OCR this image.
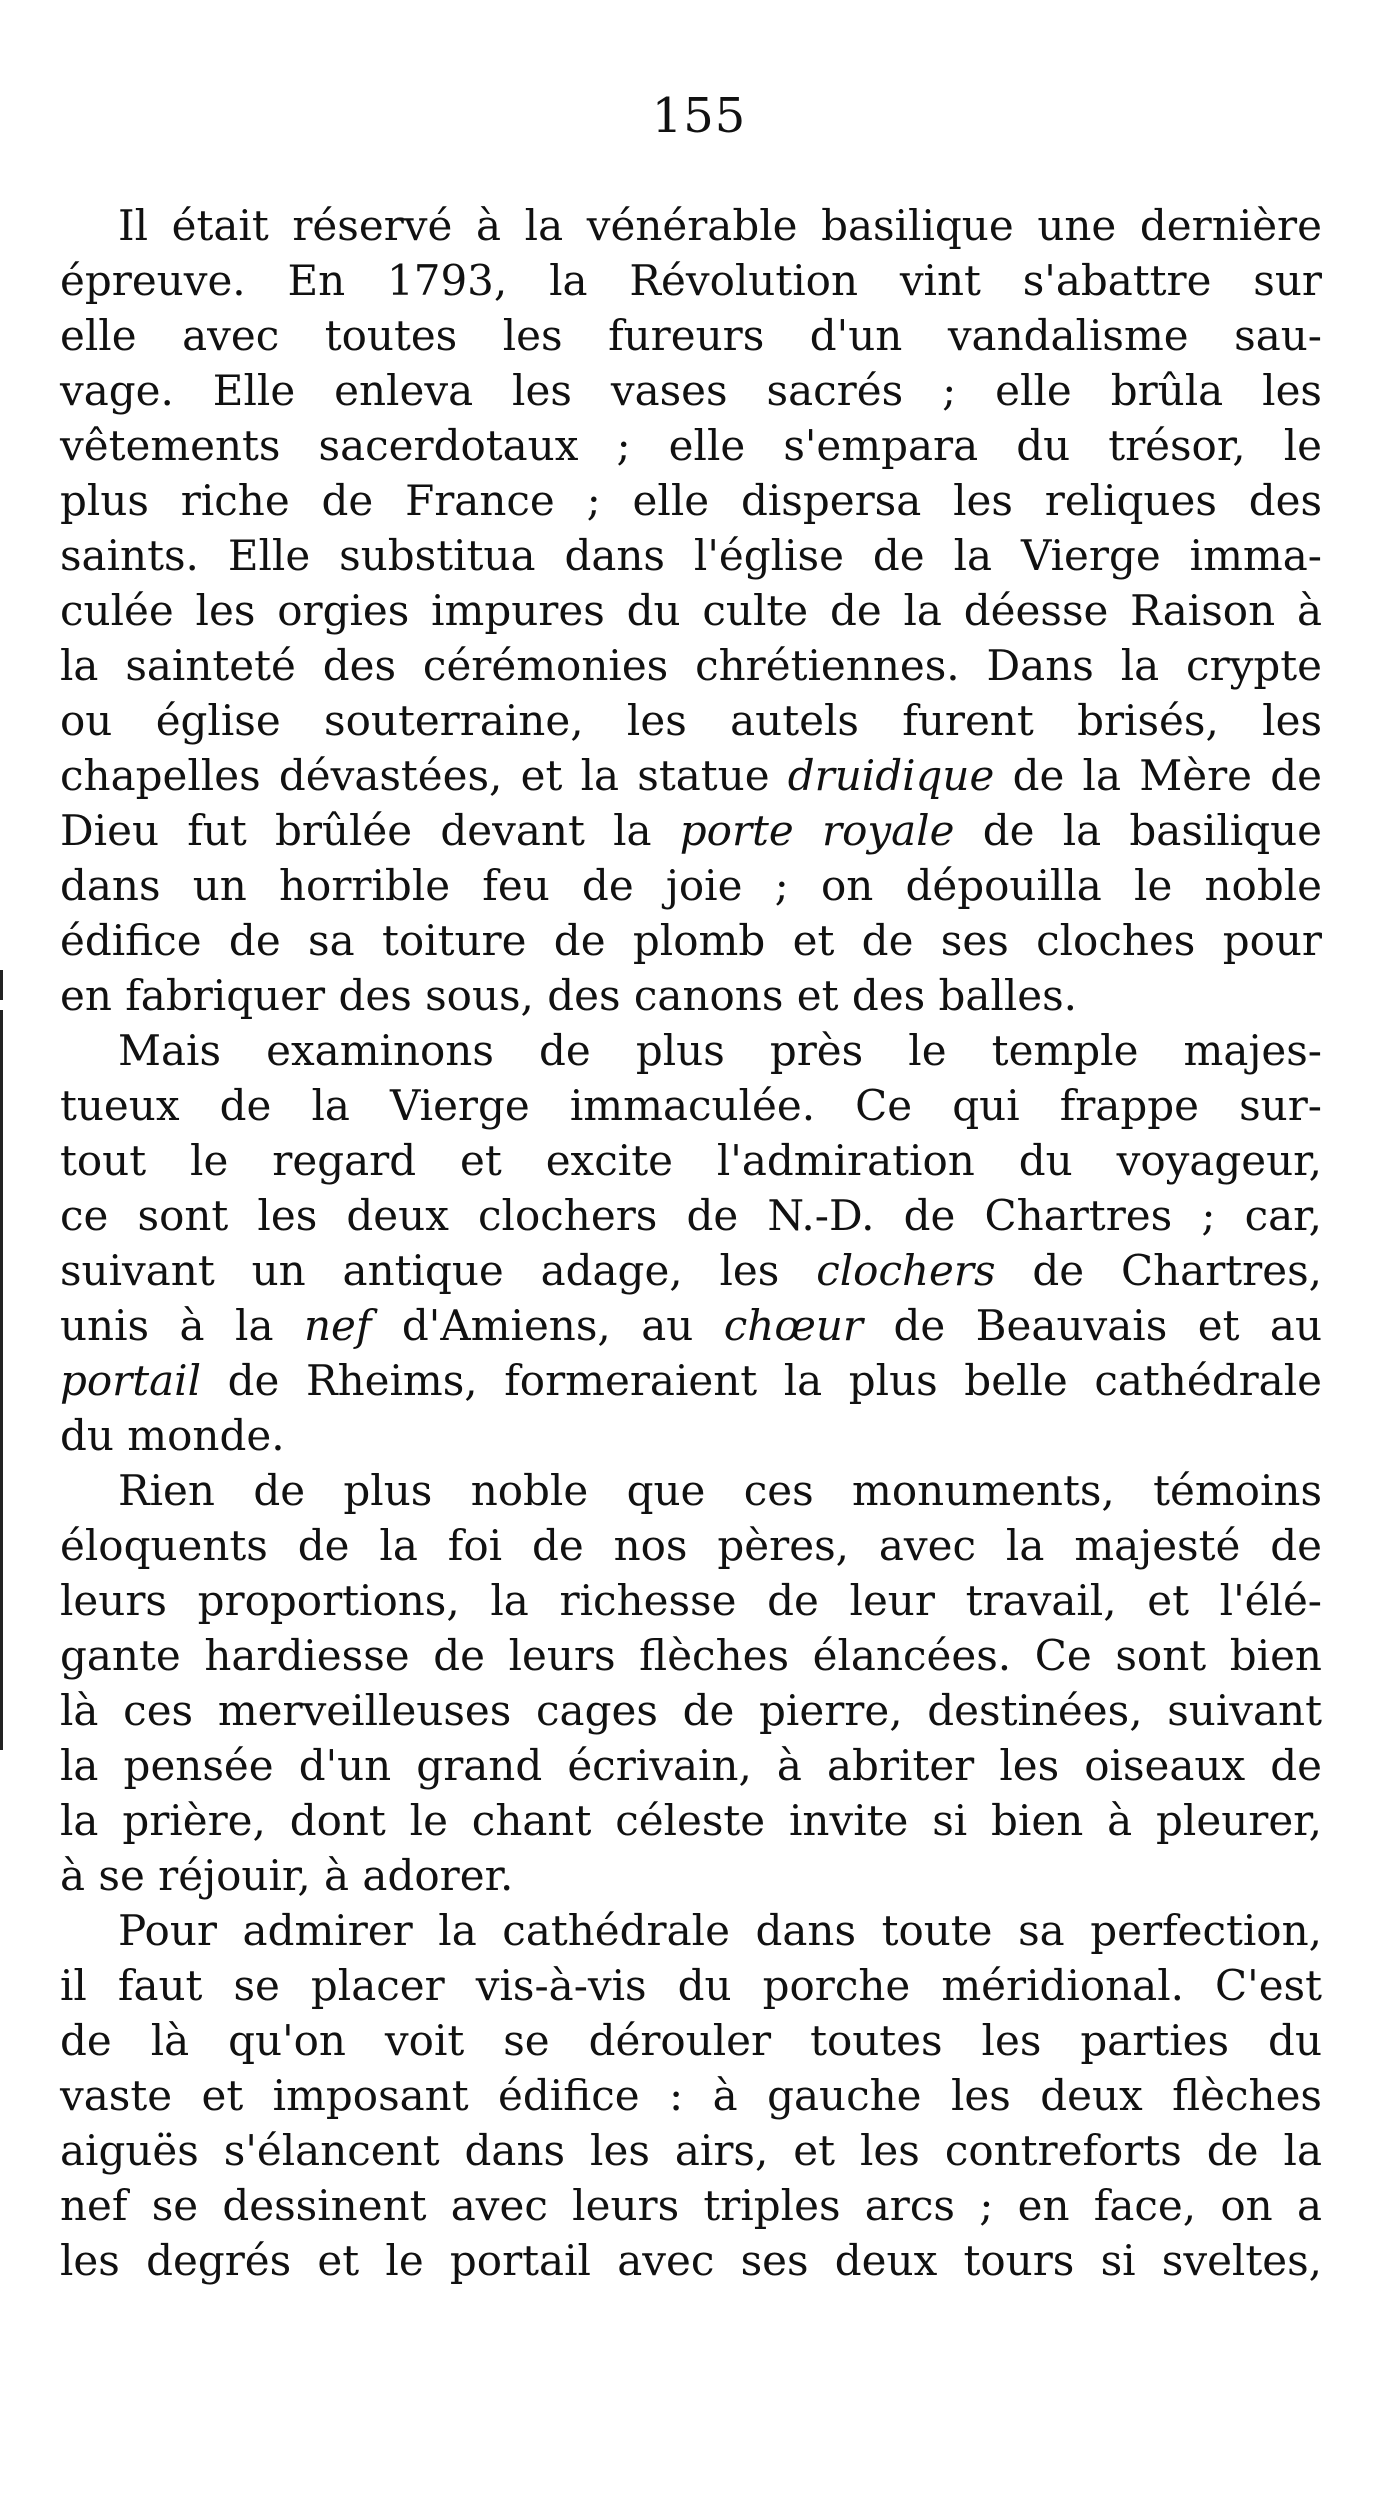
155
Il était réservé à la vénérable basilique une dernière
épreuve. En 1793, la Révolution vint s'abattre sur
elle avec toutes les fureurs d'un vandalisme sau-
vage. Elle enleva les vases sacrés ; elle brûla les
vêtements sacerdotaux ; elle s'empara du trésor, le
plus riche de France ; elle dispersa les reliques des
saints. Elle substitua dans l'église de la Vierge imma-
culée les orgies impures du culte de la déesse Raison à
la sainteté des cérémonies chrétiennes. Dans la crypte
ou église souterraine, les autels furent brisés, les
chapelles dévastées, et la statue druidique de la Mère de
Dieu fut brûlée devant la porte royale de la basilique
dans un horrible feu de joie ; on dépouilla le noble
édifice de sa toiture de plomb et de ses cloches pour
en fabriquer des sous, des canons et des balles.
Mais examinons de plus près le temple majes-
tueux de la Vierge immaculée. Ce qui frappe sur-
tout le regard et excite l'admiration du voyageur,
ce sont les deux clochers de N.-D. de Chartres ; car,
suivant un antique adage, les clochers de Chartres,
unis à la nef d'Amiens, au chœur de Beauvais et au
portail de Rheims, formeraient la plus belle cathédrale
du monde.
Rien de plus noble que ces monuments, témoins
éloquents de la foi de nos pères, avec la majesté de
leurs proportions, la richesse de leur travail, et l'élé-
gante hardiesse de leurs flèches élancées. Ce sont bien
là ces merveilleuses cages de pierre, destinées, suivant
la pensée d'un grand écrivain, à abriter les oiseaux de
la prière, dont le chant céleste invite si bien à pleurer,
à se réjouir, à adorer.
Pour admirer la cathédrale dans toute sa perfection,
il faut se placer vis-à-vis du porche méridional. C'est
de là qu'on voit se dérouler toutes les parties du
vaste et imposant édifice : à gauche les deux flèches
aiguës s'élancent dans les airs, et les contreforts de la
nef se dessinent avec leurs triples arcs ; en face, on a
les degrés et le portail avec ses deux tours si sveltes,
